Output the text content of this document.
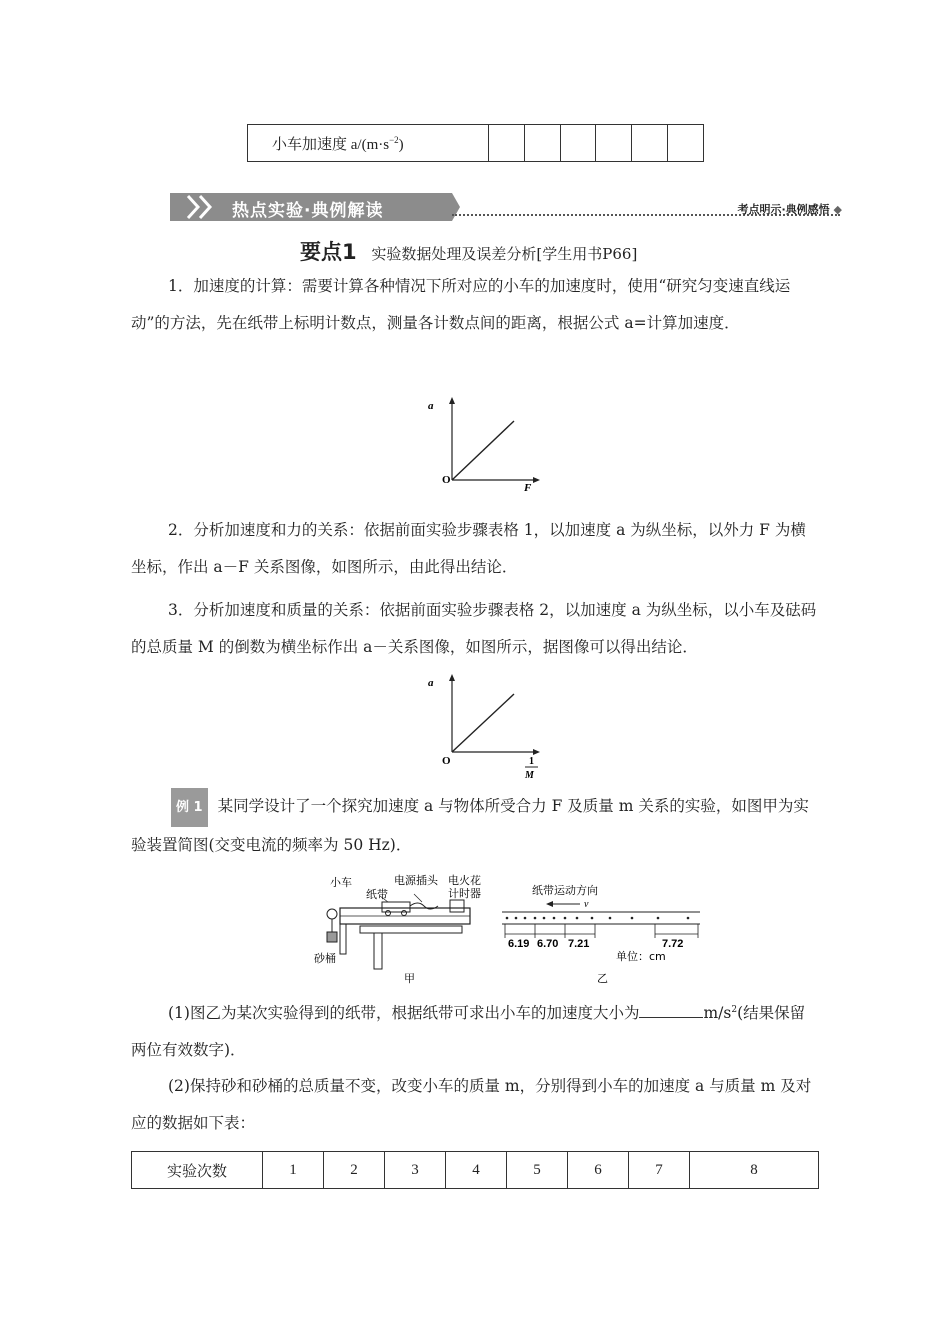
小车加速度 $a/(m\cdot s^{-2})$						
热点实验·典例解读	考点明示·典例感悟 ◆
要点1 实验数据处理及误差分析[学生用书P66]
1．加速度的计算：需要计算各种情况下所对应的小车的加速度时，使用“研究匀变速直线运动”的方法，先在纸带上标明计数点，测量各计数点间的距离，根据公式 a=计算加速度．
a
O
F
2．分析加速度和力的关系：依据前面实验步骤表格 1，以加速度 a 为纵坐标，以外力 F 为横坐标，作出 a－F 关系图像，如图所示，由此得出结论．
3．分析加速度和质量的关系：依据前面实验步骤表格 2，以加速度 a 为纵坐标，以小车及砝码的总质量 M 的倒数为横坐标作出 a－关系图像，如图所示，据图像可以得出结论．
a
O	1
M
例 1 某同学设计了一个探究加速度 a 与物体所受合力 F 及质量 m 关系的实验，如图甲为实验装置简图(交变电流的频率为 50 Hz)．
小车	电源插头
纸带
电火花
计时器
砂桶
甲
纸带运动方向
v
6.19 6.70 7.21	7.72
单位：cm
乙
(1)图乙为某次实验得到的纸带，根据纸带可求出小车的加速度大小为	$m/s^2$(结果保留两位有效数字)．
(2)保持砂和砂桶的总质量不变，改变小车的质量 m，分别得到小车的加速度 a 与质量 m 及对应的数据如下表：
实验次数	1	2	3	4	5	6	7	8
